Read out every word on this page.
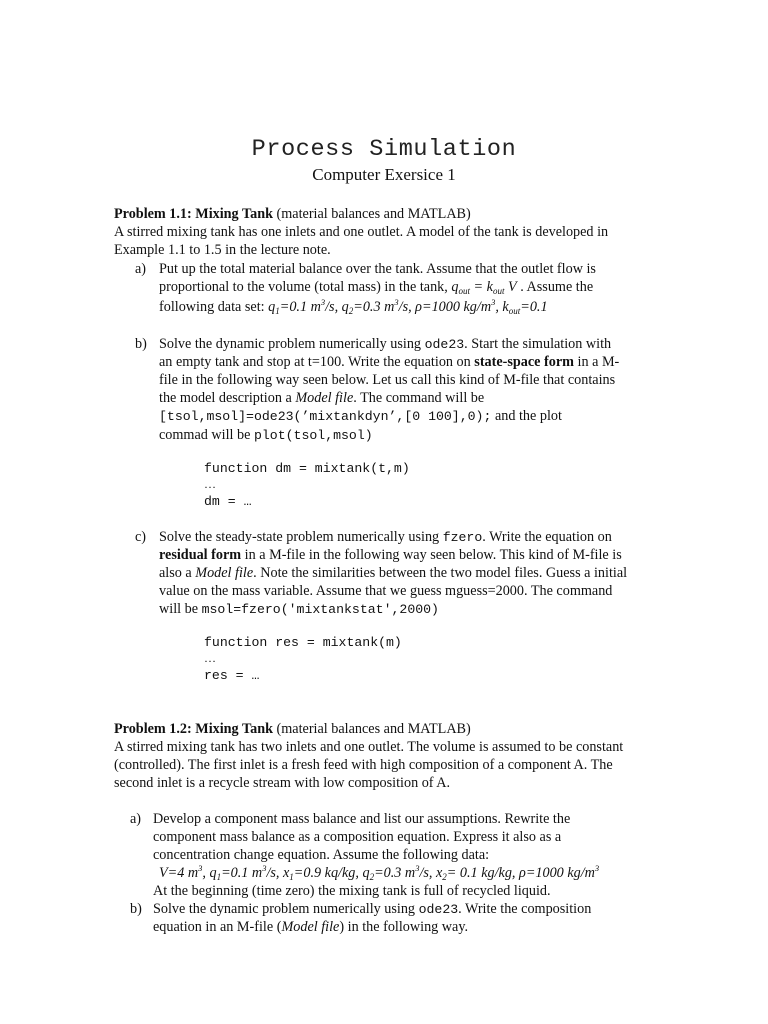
Process Simulation
Computer Exersice 1
Problem 1.1: Mixing Tank (material balances and MATLAB)
A stirred mixing tank has one inlets and one outlet. A model of the tank is developed in
Example 1.1 to 1.5 in the lecture note.
a) Put up the total material balance over the tank. Assume that the outlet flow is
proportional to the volume (total mass) in the tank, $q_{out} = k_{out}$ V . Assume the
following data set: $q_1=0.1$ $m^3/s$, $q_2=0.3$ $m^3/s$, ρ=1000 $kg/m^3$, $k_{out}=0.1$
b) Solve the dynamic problem numerically using ode23. Start the simulation with
an empty tank and stop at t=100. Write the equation on state-space form in a M-
file in the following way seen below. Let us call this kind of M-file that contains
the model description a Model file. The command will be
[tsol,msol]=ode23(’mixtankdyn’,[0 100],0); and the plot
commad will be plot(tsol,msol)
function dm = mixtank(t,m)
…
dm = …
c) Solve the steady-state problem numerically using fzero. Write the equation on
residual form in a M-file in the following way seen below. This kind of M-file is
also a Model file. Note the similarities between the two model files. Guess a initial
value on the mass variable. Assume that we guess mguess=2000. The command
will be msol=fzero('mixtankstat',2000)
function res = mixtank(m)
…
res = …
Problem 1.2: Mixing Tank (material balances and MATLAB)
A stirred mixing tank has two inlets and one outlet. The volume is assumed to be constant
(controlled). The first inlet is a fresh feed with high composition of a component A. The
second inlet is a recycle stream with low composition of A.
a) Develop a component mass balance and list our assumptions. Rewrite the
component mass balance as a composition equation. Express it also as a
concentration change equation. Assume the following data:
V=4 $m^3$, $q_1=0.1$ $m^3/s$, $x_1=0.9$ kq/kg, $q_2=0.3$ $m^3/s$, $x_2= 0.1$ kg/kg, ρ=1000 $kg/m^3$
At the beginning (time zero) the mixing tank is full of recycled liquid.
b) Solve the dynamic problem numerically using ode23. Write the composition
equation in an M-file (Model file) in the following way.
